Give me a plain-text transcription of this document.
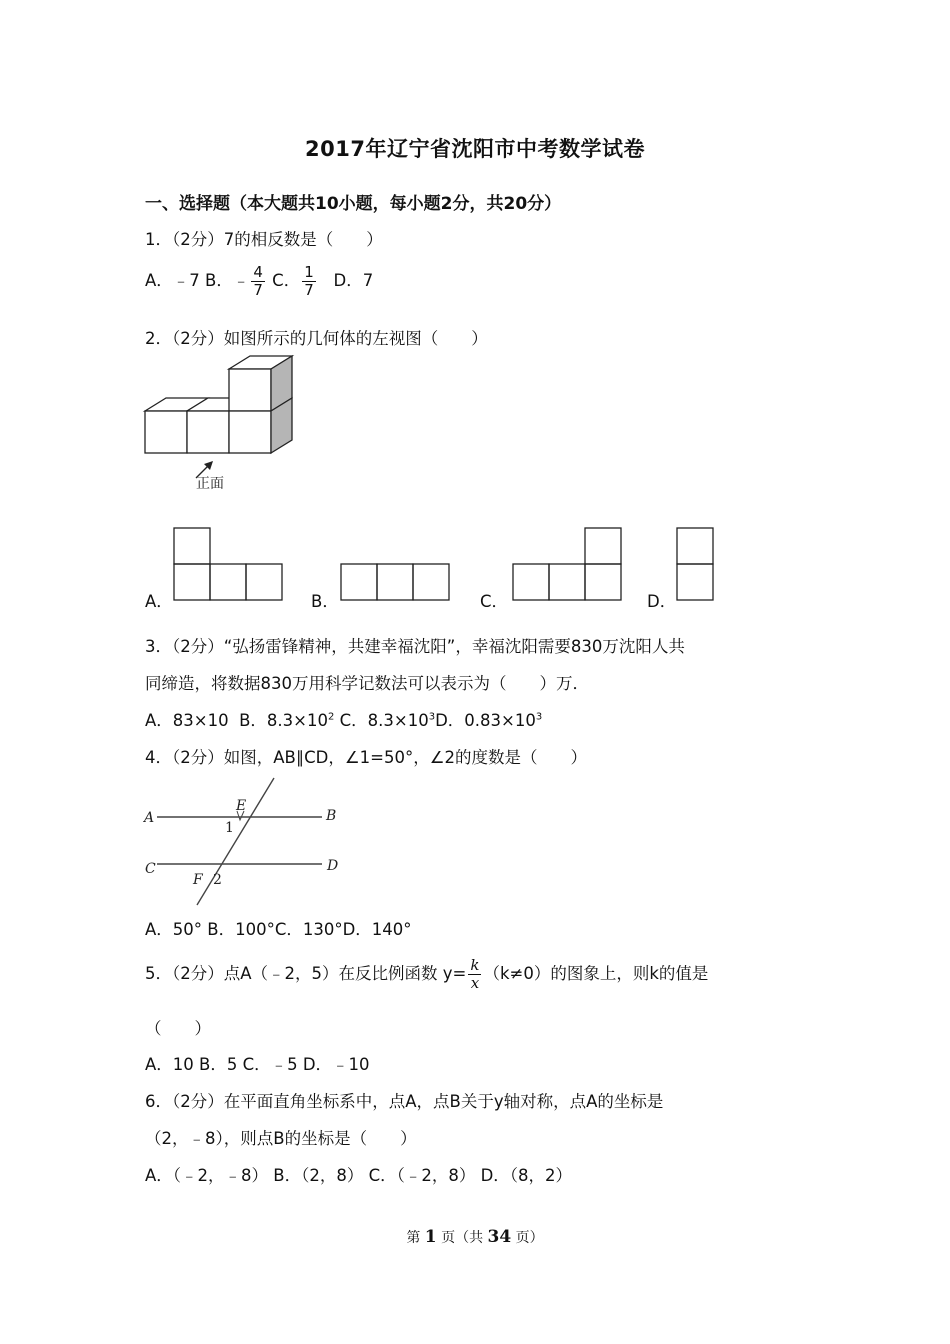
2017年辽宁省沈阳市中考数学试卷
一、选择题（本大题共10小题，每小题2分，共20分）
1．（2分）7的相反数是（　　）
A．﹣7 B．﹣ $\frac{4}{7}$ C． $\frac{1}{7}$ D．7
2．（2分）如图所示的几何体的左视图（　　）
正面
A．	B．	C．	D．
3．（2分）“弘扬雷锋精神，共建幸福沈阳”，幸福沈阳需要830万沈阳人共
同缔造，将数据830万用科学记数法可以表示为（　　）万．
A．83×10 B．$8.3\times 10^2$ C．$8.3\times 10^3D$．$0.83\times 10^3$
4．（2分）如图，AB∥CD，∠1=50°，∠2的度数是（　　）
A	B
C	D
E
F
1
2
A．50° B．100°C．130°D．140°
5．（2分）点A（﹣2，5）在反比例函数 $y= \frac{k}{x} (k\ne 0)$的图象上，则k的值是
（　　）
A．10 B．5 C．﹣5 D．﹣10
6．（2分）在平面直角坐标系中，点A，点B关于y轴对称，点A的坐标是
（2，﹣8），则点B的坐标是（　　）
A．（﹣2，﹣8） B．（2，8） C．（﹣2，8） D．（8，2）
第 1 页（共 34 页）
